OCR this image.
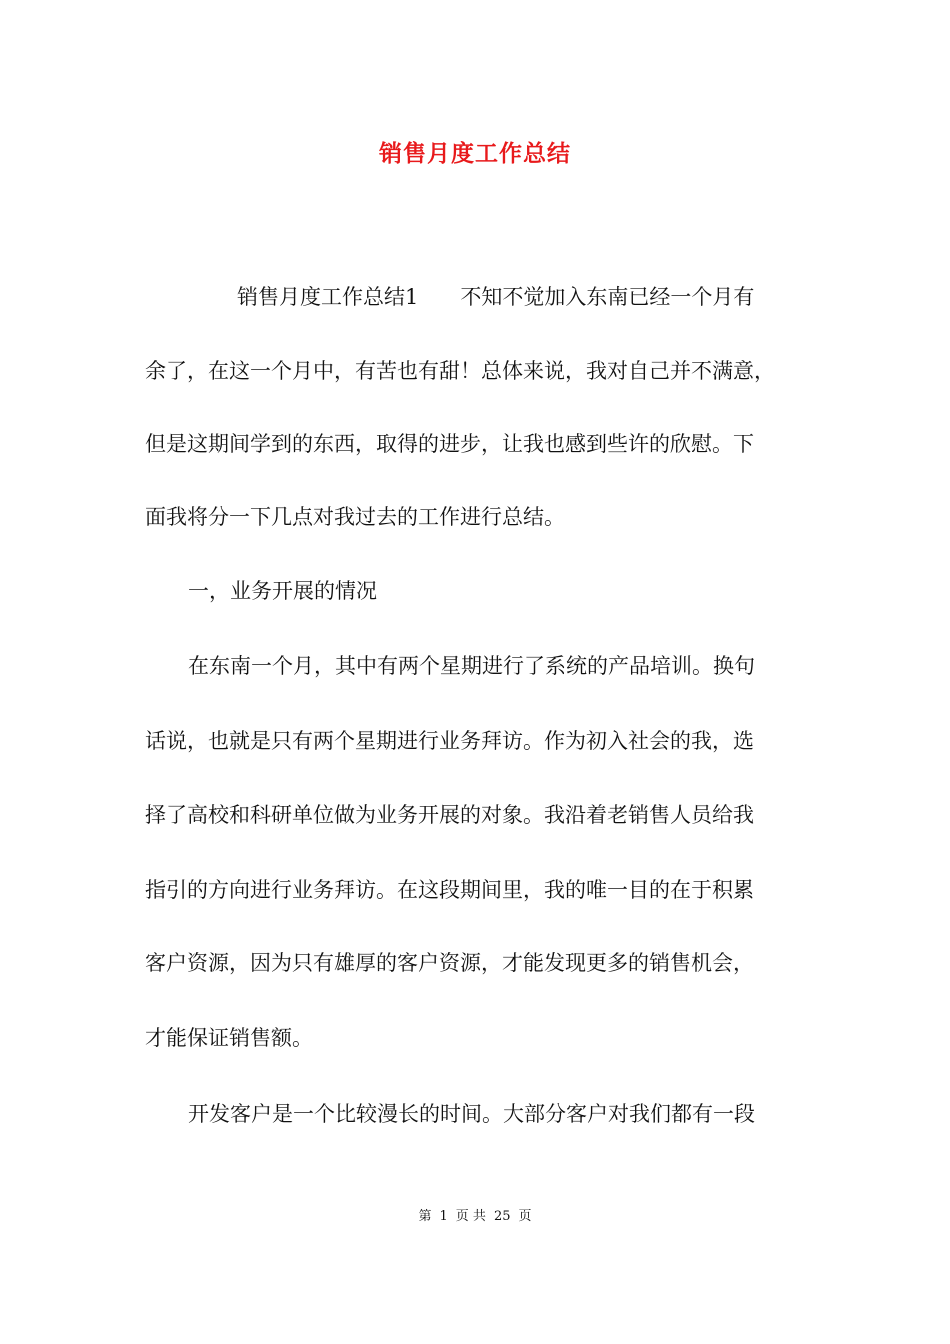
销售月度工作总结
销售月度工作总结1　　不知不觉加入东南已经一个月有
余了，在这一个月中，有苦也有甜！总体来说，我对自己并不满意，
但是这期间学到的东西，取得的进步，让我也感到些许的欣慰。下
面我将分一下几点对我过去的工作进行总结。
一，业务开展的情况
在东南一个月，其中有两个星期进行了系统的产品培训。换句
话说，也就是只有两个星期进行业务拜访。作为初入社会的我，选
择了高校和科研单位做为业务开展的对象。我沿着老销售人员给我
指引的方向进行业务拜访。在这段期间里，我的唯一目的在于积累
客户资源，因为只有雄厚的客户资源，才能发现更多的销售机会，
才能保证销售额。
开发客户是一个比较漫长的时间。大部分客户对我们都有一段
第 1 页 共 25 页
